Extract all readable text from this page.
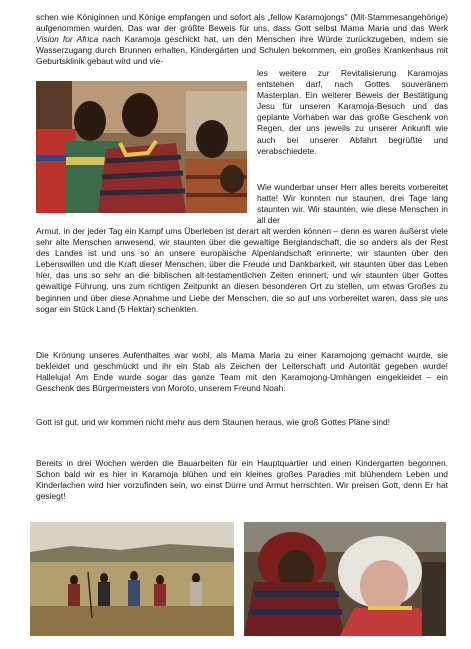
schen wie Königinnen und Könige empfangen und sofort als „fellow Karamojongs" (Mit-Stammesangehörige) aufgenommen wurden. Das war der größte Beweis für uns, dass Gott selbst Mama Maria und das Werk Vision for Africa nach Karamoja geschickt hat, um den Menschen ihre Würde zurückzugeben, indem sie Wasserzugang durch Brunnen erhalten, Kindergärten und Schulen bekommen, ein großes Krankenhaus mit Geburtsklinik gebaut wird und vie-

les weitere zur Revitalisierung Karamojas entstehen darf, nach Gottes souveränem Masterplan. Ein weiterer Beweis der Bestätigung Jesu für unseren Karamoja-Besuch und das geplante Vorhaben war das große Geschenk von Regen, der uns jeweils zu unserer Ankunft wie auch bei unserer Abfahrt begrüßte und verabschiedete.

Wie wunderbar unser Herr alles bereits vorbereitet hatte! Wir konnten nur staunen, drei Tage lang staunten wir. Wir staunten, wie diese Menschen in all der

Armut, in der jeder Tag ein Kampf ums Überleben ist derart alt werden können – denn es waren äußerst viele sehr alte Menschen anwesend, wir staunten über die gewaltige Berglandschaft, die so anders als der Rest des Landes ist und uns so an unsere europäische Alpenlandschaft erinnerte; wir staunten über den Lebenswillen und die Kraft dieser Menschen, über die Freude und Dankbarkeit, wir staunten über das Leben hier, das uns so sehr an die biblischen alt-testamentlichen Zeiten erinnert, und wir staunten über Gottes gewaltige Führung, uns zum richtigen Zeitpunkt an diesen besonderen Ort zu stellen, um etwas Großes zu beginnen und über diese Annahme und Liebe der Menschen, die so auf uns vorbereitet waren, dass sie uns sogar ein Stück Land (5 Hektar) schenkten.

Die Krönung unseres Aufenthaltes war wohl, als Mama Maria zu einer Karamojong gemacht wurde, sie bekleidet und geschmückt und ihr ein Stab als Zeichen der Leiterschaft und Autorität gegeben wurde! Halleluja! Am Ende wurde sogar das ganze Team mit den Karamojong-Umhängen eingekleidet – ein Geschenk des Bürgermeisters von Moroto, unserem Freund Noah.

Gott ist gut, und wir kommen nicht mehr aus dem Staunen heraus, wie groß Gottes Pläne sind!

Bereits in drei Wochen werden die Bauarbeiten für ein Hauptquartier und einen Kindergarten begonnen. Schon bald wir es hier in Karamoja blühen und ein kleines großes Paradies mit blühendem Leben und Kinderlachen wird hier vorzufinden sein, wo einst Dürre und Armut herrschten. Wir preisen Gott, denn Er hat gesiegt!
